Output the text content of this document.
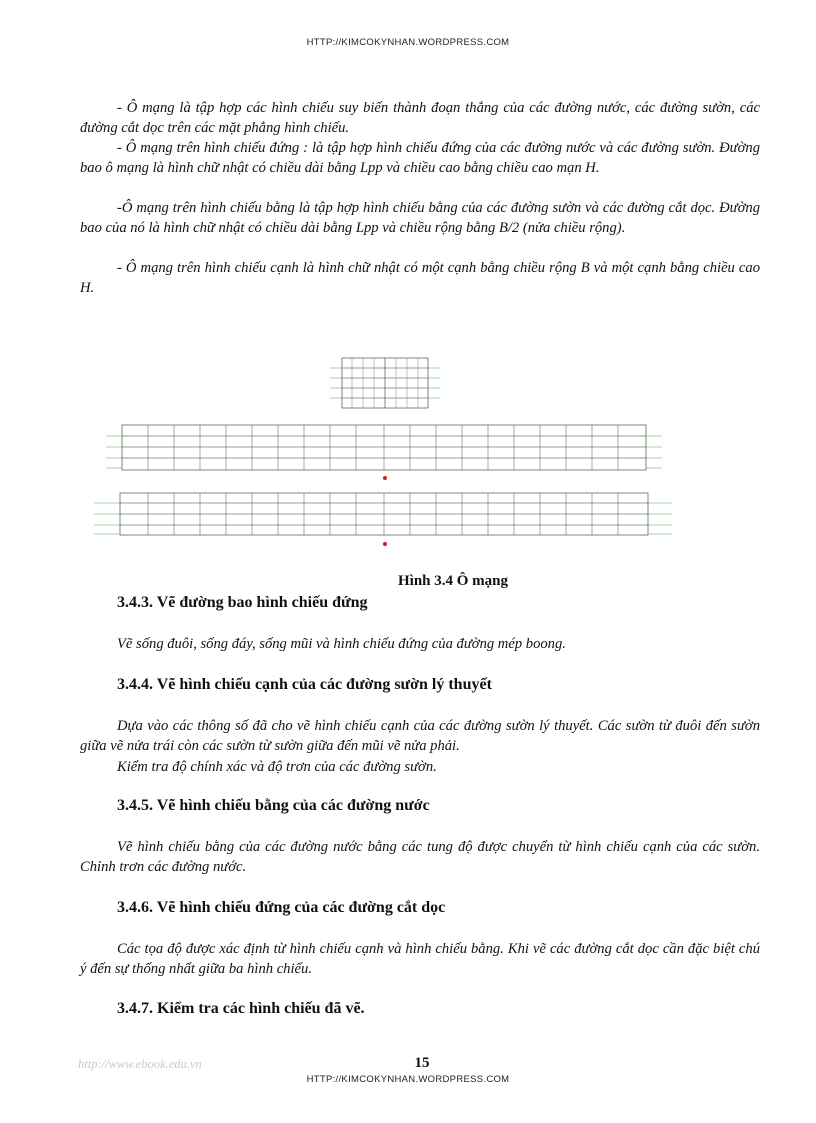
HTTP://KIMCOKYNHAN.WORDPRESS.COM

- Ô mạng là tập hợp các hình chiếu suy biến thành đoạn thẳng của các đường nước, các đường sườn, các đường cắt dọc trên các mặt phẳng hình chiếu.

- Ô mạng trên hình chiếu đứng : là tập hợp hình chiếu đứng của các đường nước và các đường sườn. Đường bao ô mạng là hình chữ nhật có chiều dài bằng Lpp và chiều cao bằng chiều cao mạn H.

-Ô mạng trên hình chiếu bằng là tập hợp hình chiếu bằng của các đường sườn và các đường cắt dọc. Đường bao của nó là hình chữ nhật có chiều dài bằng Lpp và chiều rộng bằng B/2 (nửa chiều rộng).

- Ô mạng trên hình chiếu cạnh là hình chữ nhật có một cạnh bằng chiều rộng B và một cạnh bằng chiều cao H.

Hình 3.4 Ô mạng
3.4.3. Vẽ đường bao hình chiếu đứng

Vẽ sống đuôi, sống đáy, sống mũi và hình chiếu đứng của đường mép boong.

3.4.4. Vẽ hình chiếu cạnh của các đường sườn lý thuyết

Dựa vào các thông số đã cho vẽ hình chiếu cạnh của các đường sườn lý thuyết. Các sườn từ đuôi đến sườn giữa vẽ nửa trái còn các sườn từ sườn giữa đến mũi vẽ nửa phải.

Kiểm tra độ chính xác và độ trơn của các đường sườn.

3.4.5. Vẽ hình chiếu bằng của các đường nước

Vẽ hình chiếu bằng của các đường nước bằng các tung độ được chuyển từ hình chiếu cạnh của các sườn. Chỉnh trơn các đường nước.

3.4.6. Vẽ hình chiếu đứng của các đường cắt dọc

Các tọa độ được xác định từ hình chiếu cạnh và hình chiếu bằng. Khi vẽ các đường cắt dọc cần đặc biệt chú ý đến sự thống nhất giữa ba hình chiếu.

3.4.7. Kiểm tra các hình chiếu đã vẽ.
http://www.ebook.edu.vn	15
HTTP://KIMCOKYNHAN.WORDPRESS.COM
